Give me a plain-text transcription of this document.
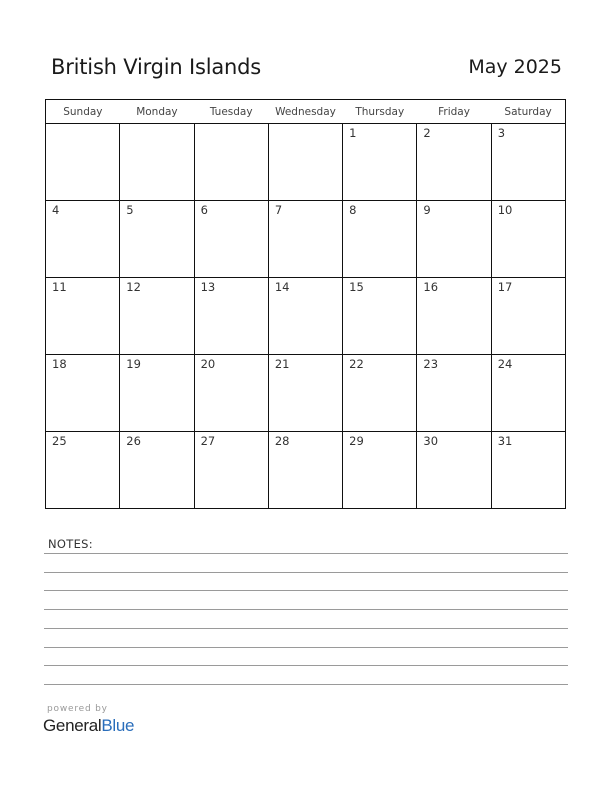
British Virgin Islands	May 2025
Sunday	Monday	Tuesday	Wednesday	Thursday	Friday	Saturday

				1	2	3

4	5	6	7	8	9	10

11	12	13	14	15	16	17

18	19	20	21	22	23	24

25	26	27	28	29	30	31
NOTES:
powered by
GeneralBlue
